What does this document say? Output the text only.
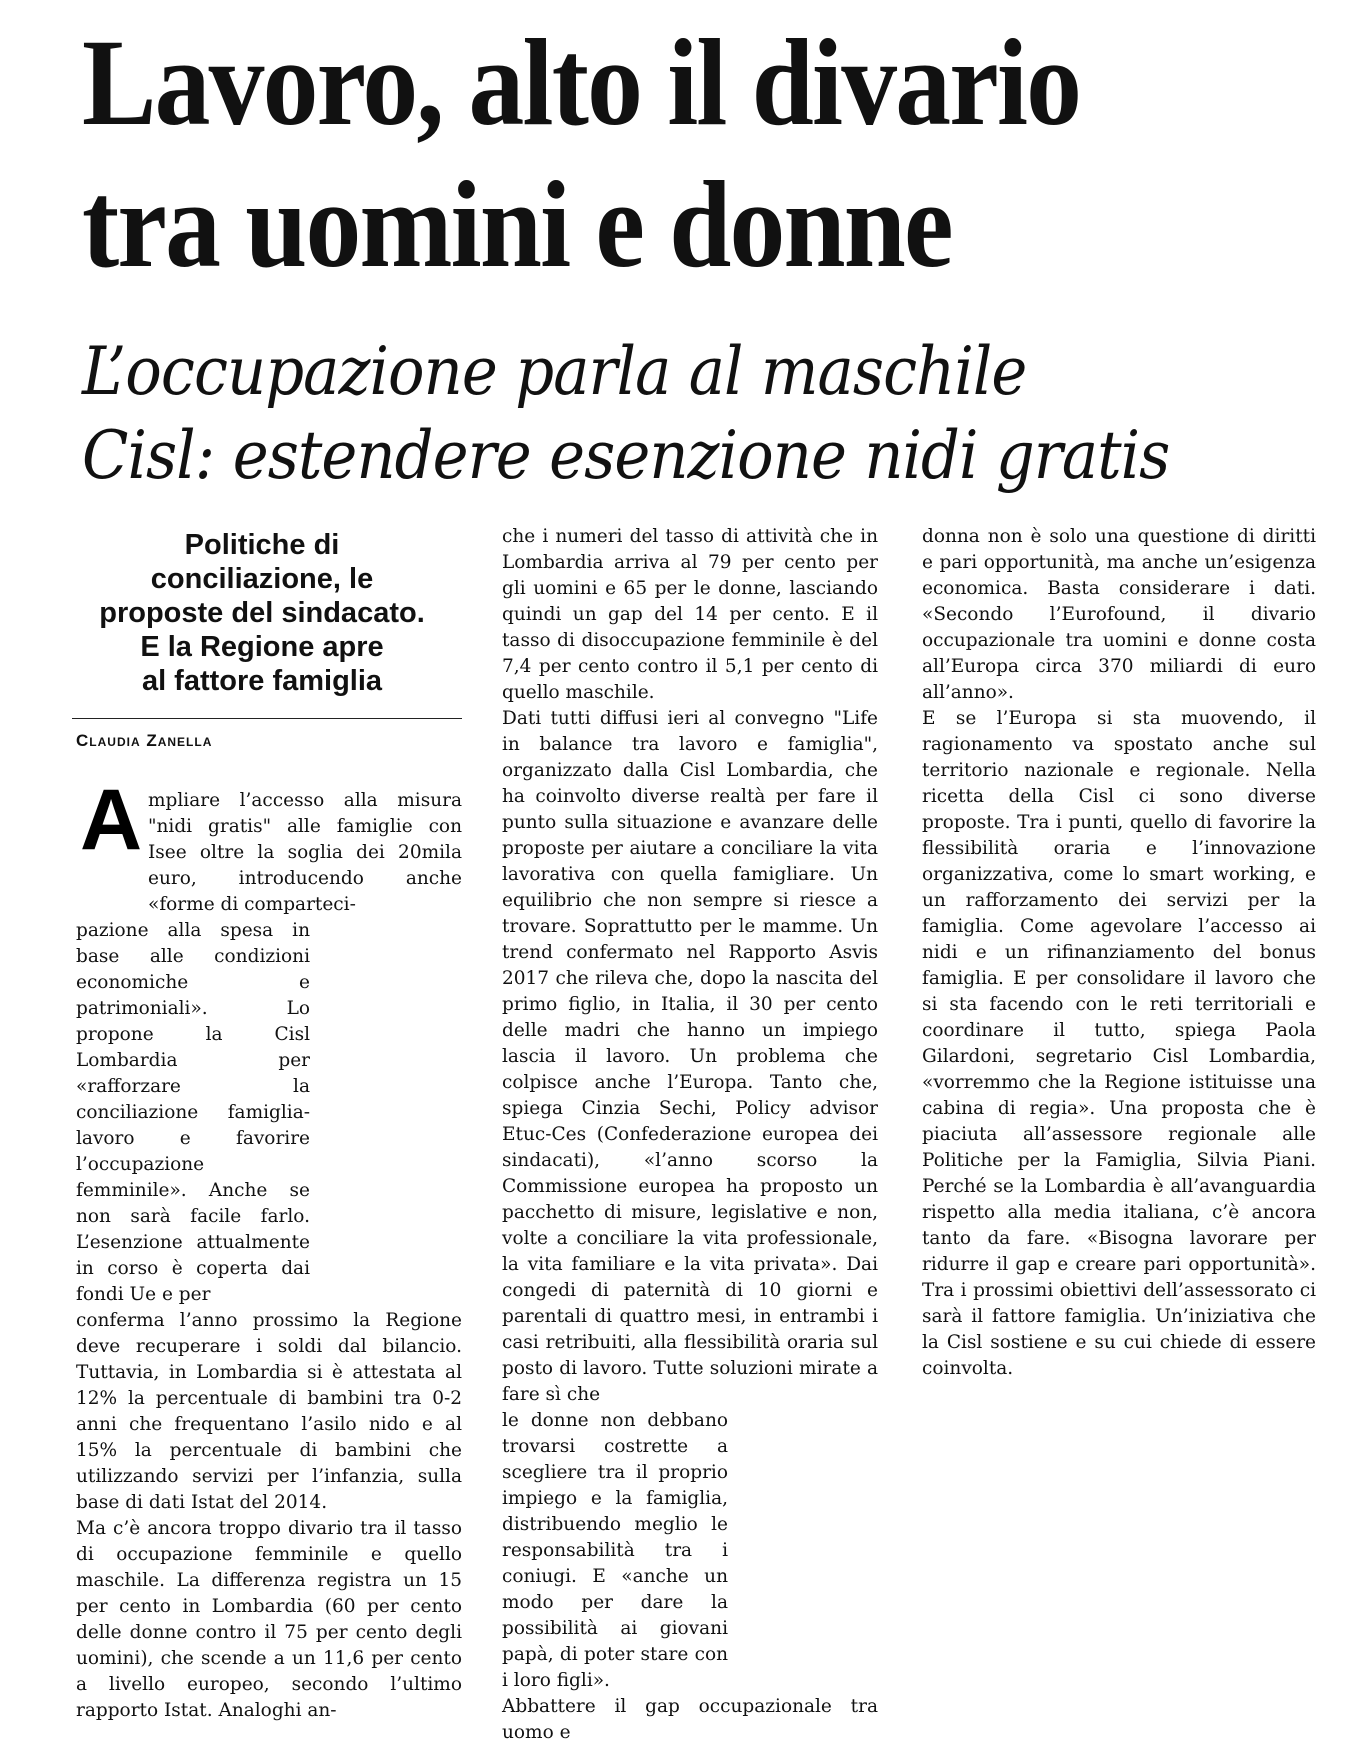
Lavoro, alto il divario
tra uomini e donne
L’occupazione parla al maschile
Cisl: estendere esenzione nidi gratis
Politiche di
conciliazione, le
proposte del sindacato.
E la Regione apre
al fattore famiglia
Claudia Zanella
A mpliare l’accesso alla misura "nidi gratis" alle famiglie con Isee oltre la soglia dei 20mila euro, introducendo anche «forme di comparteci-

pazione alla spesa in base alle condizioni economiche e patrimoniali». Lo propone la Cisl Lombardia per «rafforzare la conciliazione famiglia-lavoro e favorire l’occupazione femminile». Anche se non sarà facile farlo. L’esenzione attualmente in corso è coperta dai fondi Ue e per

conferma l’anno prossimo la Regione deve recuperare i soldi dal bilancio. Tuttavia, in Lombardia si è attestata al 12% la percentuale di bambini tra 0-2 anni che frequentano l’asilo nido e al 15% la percentuale di bambini che utilizzando servizi per l’infanzia, sulla base di dati Istat del 2014.

Ma c’è ancora troppo divario tra il tasso di occupazione femminile e quello maschile. La differenza registra un 15 per cento in Lombardia (60 per cento delle donne contro il 75 per cento degli uomini), che scende a un 11,6 per cento a livello europeo, secondo l’ultimo rapporto Istat. Analoghi an-

che i numeri del tasso di attività che in Lombardia arriva al 79 per cento per gli uomini e 65 per le donne, lasciando quindi un gap del 14 per cento. E il tasso di disoccupazione femminile è del 7,4 per cento contro il 5,1 per cento di quello maschile.

Dati tutti diffusi ieri al convegno "Life in balance tra lavoro e famiglia", organizzato dalla Cisl Lombardia, che ha coinvolto diverse realtà per fare il punto sulla situazione e avanzare delle proposte per aiutare a conciliare la vita lavorativa con quella famigliare. Un equilibrio che non sempre si riesce a trovare. Soprattutto per le mamme. Un trend confermato nel Rapporto Asvis 2017 che rileva che, dopo la nascita del primo figlio, in Italia, il 30 per cento delle madri che hanno un impiego lascia il lavoro. Un problema che colpisce anche l’Europa. Tanto che, spiega Cinzia Sechi, Policy advisor Etuc-Ces (Confederazione europea dei sindacati), «l’anno scorso la Commissione europea ha proposto un pacchetto di misure, legislative e non, volte a conciliare la vita professionale, la vita familiare e la vita privata». Dai congedi di paternità di 10 giorni e parentali di quattro mesi, in entrambi i casi retribuiti, alla flessibilità oraria sul posto di lavoro. Tutte soluzioni mirate a fare sì che

le donne non debbano trovarsi costrette a scegliere tra il proprio impiego e la famiglia, distribuendo meglio le responsabilità tra i coniugi. E «anche un modo per dare la possibilità ai giovani papà, di poter stare con i loro figli».

Abbattere il gap occupazionale tra uomo e

donna non è solo una questione di diritti e pari opportunità, ma anche un’esigenza economica. Basta considerare i dati. «Secondo l’Eurofound, il divario occupazionale tra uomini e donne costa all’Europa circa 370 miliardi di euro all’anno».

E se l’Europa si sta muovendo, il ragionamento va spostato anche sul territorio nazionale e regionale. Nella ricetta della Cisl ci sono diverse proposte. Tra i punti, quello di favorire la flessibilità oraria e l’innovazione organizzativa, come lo smart working, e un rafforzamento dei servizi per la famiglia. Come agevolare l’accesso ai nidi e un rifinanziamento del bonus famiglia. E per consolidare il lavoro che si sta facendo con le reti territoriali e coordinare il tutto, spiega Paola Gilardoni, segretario Cisl Lombardia, «vorremmo che la Regione istituisse una cabina di regia». Una proposta che è piaciuta all’assessore regionale alle Politiche per la Famiglia, Silvia Piani. Perché se la Lombardia è all’avanguardia rispetto alla media italiana, c’è ancora tanto da fare. «Bisogna lavorare per ridurre il gap e creare pari opportunità». Tra i prossimi obiettivi dell’assessorato ci sarà il fattore famiglia. Un’iniziativa che la Cisl sostiene e su cui chiede di essere coinvolta.
